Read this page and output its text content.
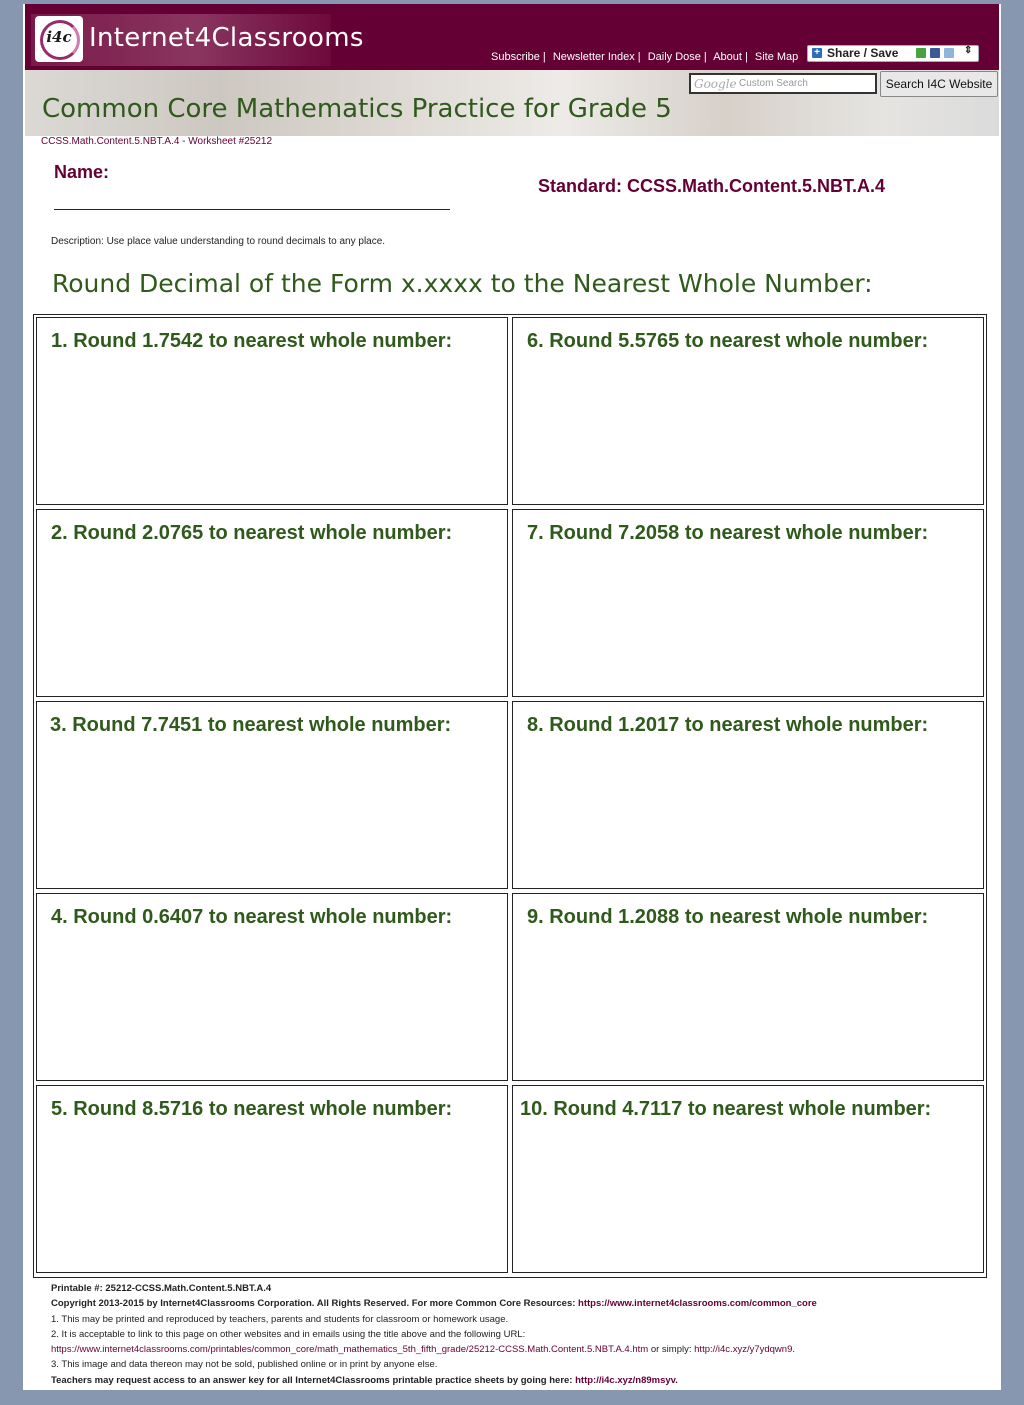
i4c Internet4Classrooms
Subscribe | Newsletter Index | Daily Dose | About | Site Map + Share / Save	⇕
Google Custom Search	Search I4C Website
Common Core Mathematics Practice for Grade 5
CCSS.Math.Content.5.NBT.A.4 - Worksheet #25212
Name:
Standard: CCSS.Math.Content.5.NBT.A.4
Description: Use place value understanding to round decimals to any place.
Round Decimal of the Form x.xxxx to the Nearest Whole Number:
1. Round 1.7542 to nearest whole number:
2. Round 2.0765 to nearest whole number:
3. Round 7.7451 to nearest whole number:
4. Round 0.6407 to nearest whole number:
5. Round 8.5716 to nearest whole number:
6. Round 5.5765 to nearest whole number:
7. Round 7.2058 to nearest whole number:
8. Round 1.2017 to nearest whole number:
9. Round 1.2088 to nearest whole number:
10. Round 4.7117 to nearest whole number:
Printable #: 25212-CCSS.Math.Content.5.NBT.A.4
Copyright 2013-2015 by Internet4Classrooms Corporation. All Rights Reserved. For more Common Core Resources: https://www.internet4classrooms.com/common_core
1. This may be printed and reproduced by teachers, parents and students for classroom or homework usage.
2. It is acceptable to link to this page on other websites and in emails using the title above and the following URL:
https://www.internet4classrooms.com/printables/common_core/math_mathematics_5th_fifth_grade/25212-CCSS.Math.Content.5.NBT.A.4.htm or simply: http://i4c.xyz/y7ydqwn9.
3. This image and data thereon may not be sold, published online or in print by anyone else.
Teachers may request access to an answer key for all Internet4Classrooms printable practice sheets by going here: http://i4c.xyz/n89msyv.
